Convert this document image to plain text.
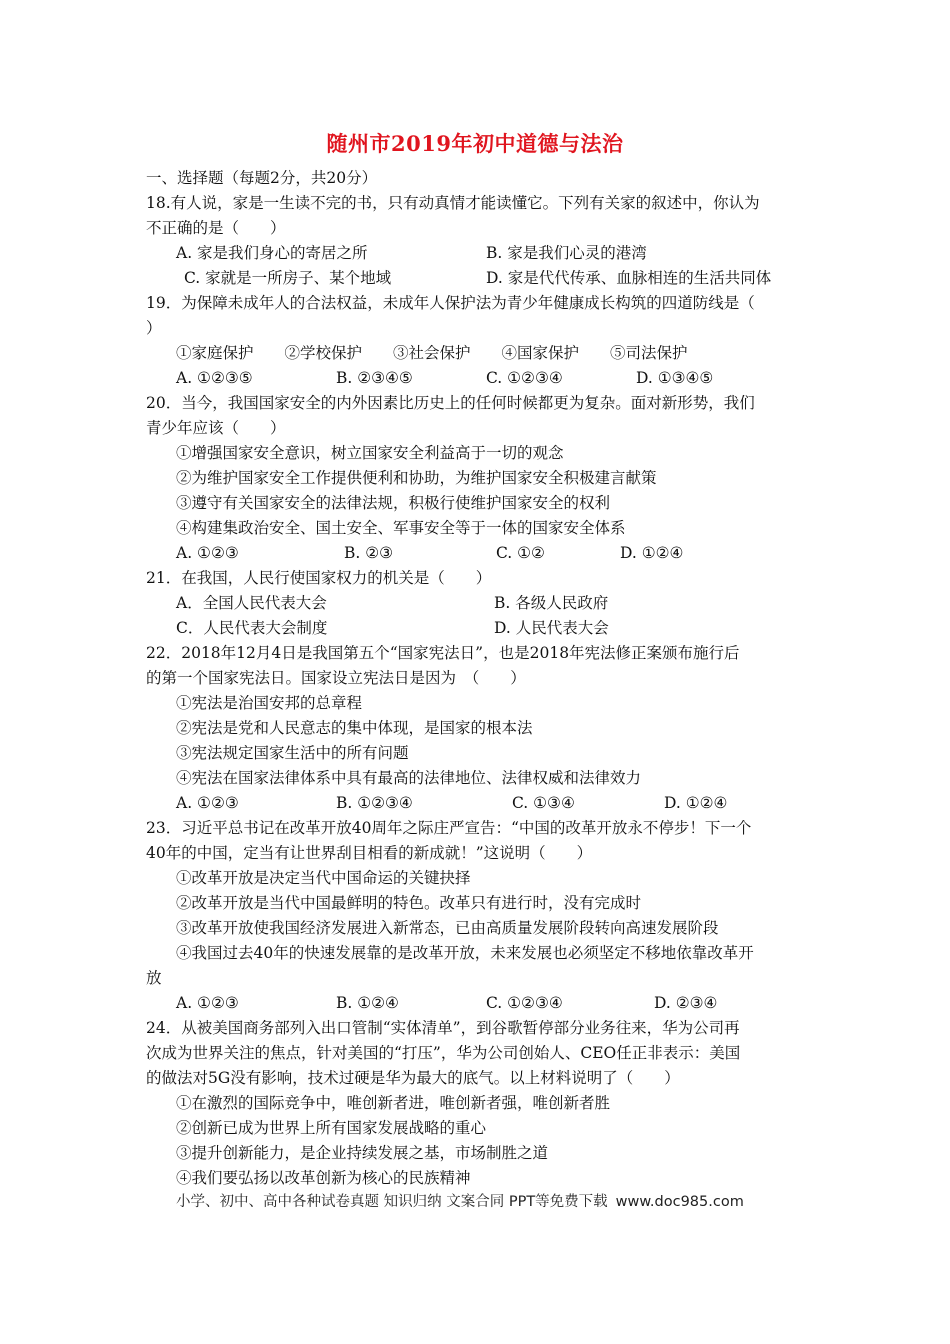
随州市2019年初中道德与法治
一、选择题（每题2分，共20分）
18.有人说，家是一生读不完的书，只有动真情才能读懂它。下列有关家的叙述中，你认为
不正确的是（　　）
A. 家是我们身心的寄居之所	B. 家是我们心灵的港湾
C. 家就是一所房子、某个地域	D. 家是代代传承、血脉相连的生活共同体
19．为保障未成年人的合法权益，未成年人保护法为青少年健康成长构筑的四道防线是（
）
①家庭保护　　②学校保护　　③社会保护　　④国家保护　　⑤司法保护
A. ①②③⑤	B. ②③④⑤	C. ①②③④	D. ①③④⑤
20．当今，我国国家安全的内外因素比历史上的任何时候都更为复杂。面对新形势，我们
青少年应该（　　）
①增强国家安全意识，树立国家安全利益高于一切的观念
②为维护国家安全工作提供便利和协助，为维护国家安全积极建言献策
③遵守有关国家安全的法律法规，积极行使维护国家安全的权利
④构建集政治安全、国土安全、军事安全等于一体的国家安全体系
A. ①②③	B. ②③	C. ①②	D. ①②④
21．在我国，人民行使国家权力的机关是（　　）
A．全国人民代表大会	B. 各级人民政府
C．人民代表大会制度	D. 人民代表大会
22．2018年12月4日是我国第五个“国家宪法日”，也是2018年宪法修正案颁布施行后
的第一个国家宪法日。国家设立宪法日是因为　（　　）
①宪法是治国安邦的总章程
②宪法是党和人民意志的集中体现，是国家的根本法
③宪法规定国家生活中的所有问题
④宪法在国家法律体系中具有最高的法律地位、法律权威和法律效力
A. ①②③	B. ①②③④	C. ①③④	D. ①②④
23．习近平总书记在改革开放40周年之际庄严宣告：“中国的改革开放永不停步！下一个
40年的中国，定当有让世界刮目相看的新成就！”这说明（　　）
①改革开放是决定当代中国命运的关键抉择
②改革开放是当代中国最鲜明的特色。改革只有进行时，没有完成时
③改革开放使我国经济发展进入新常态，已由高质量发展阶段转向高速发展阶段
④我国过去40年的快速发展靠的是改革开放，未来发展也必须坚定不移地依靠改革开
放
A. ①②③	B. ①②④	C. ①②③④	D. ②③④
24．从被美国商务部列入出口管制“实体清单”，到谷歌暂停部分业务往来，华为公司再
次成为世界关注的焦点，针对美国的“打压”，华为公司创始人、CEO任正非表示：美国
的做法对5G没有影响，技术过硬是华为最大的底气。以上材料说明了（　　）
①在激烈的国际竞争中，唯创新者进，唯创新者强，唯创新者胜
②创新已成为世界上所有国家发展战略的重心
③提升创新能力，是企业持续发展之基，市场制胜之道
④我们要弘扬以改革创新为核心的民族精神
小学、初中、高中各种试卷真题 知识归纳 文案合同 PPT等免费下载 www.doc985.com
